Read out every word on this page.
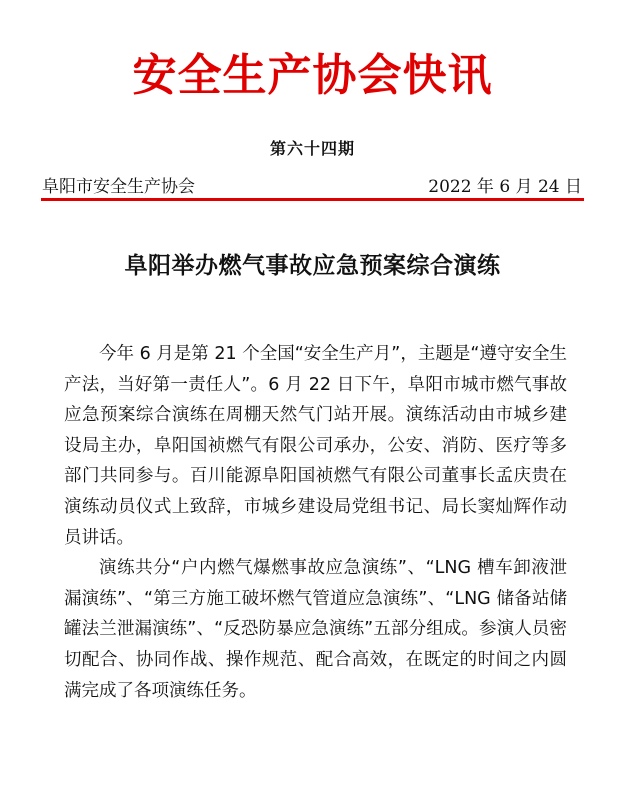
安全生产协会快讯
第六十四期
阜阳市安全生产协会	2022 年 6 月 24 日
阜阳举办燃气事故应急预案综合演练

今年 6 月是第 21 个全国“安全生产月”，主题是“遵守安全生产法，当好第一责任人”。6 月 22 日下午，阜阳市城市燃气事故应急预案综合演练在周棚天然气门站开展。演练活动由市城乡建设局主办，阜阳国祯燃气有限公司承办，公安、消防、医疗等多部门共同参与。百川能源阜阳国祯燃气有限公司董事长孟庆贵在演练动员仪式上致辞，市城乡建设局党组书记、局长窦灿辉作动员讲话。

演练共分“户内燃气爆燃事故应急演练”、“LNG 槽车卸液泄漏演练”、“第三方施工破坏燃气管道应急演练”、“LNG 储备站储罐法兰泄漏演练”、“反恐防暴应急演练”五部分组成。参演人员密切配合、协同作战、操作规范、配合高效，在既定的时间之内圆满完成了各项演练任务。
